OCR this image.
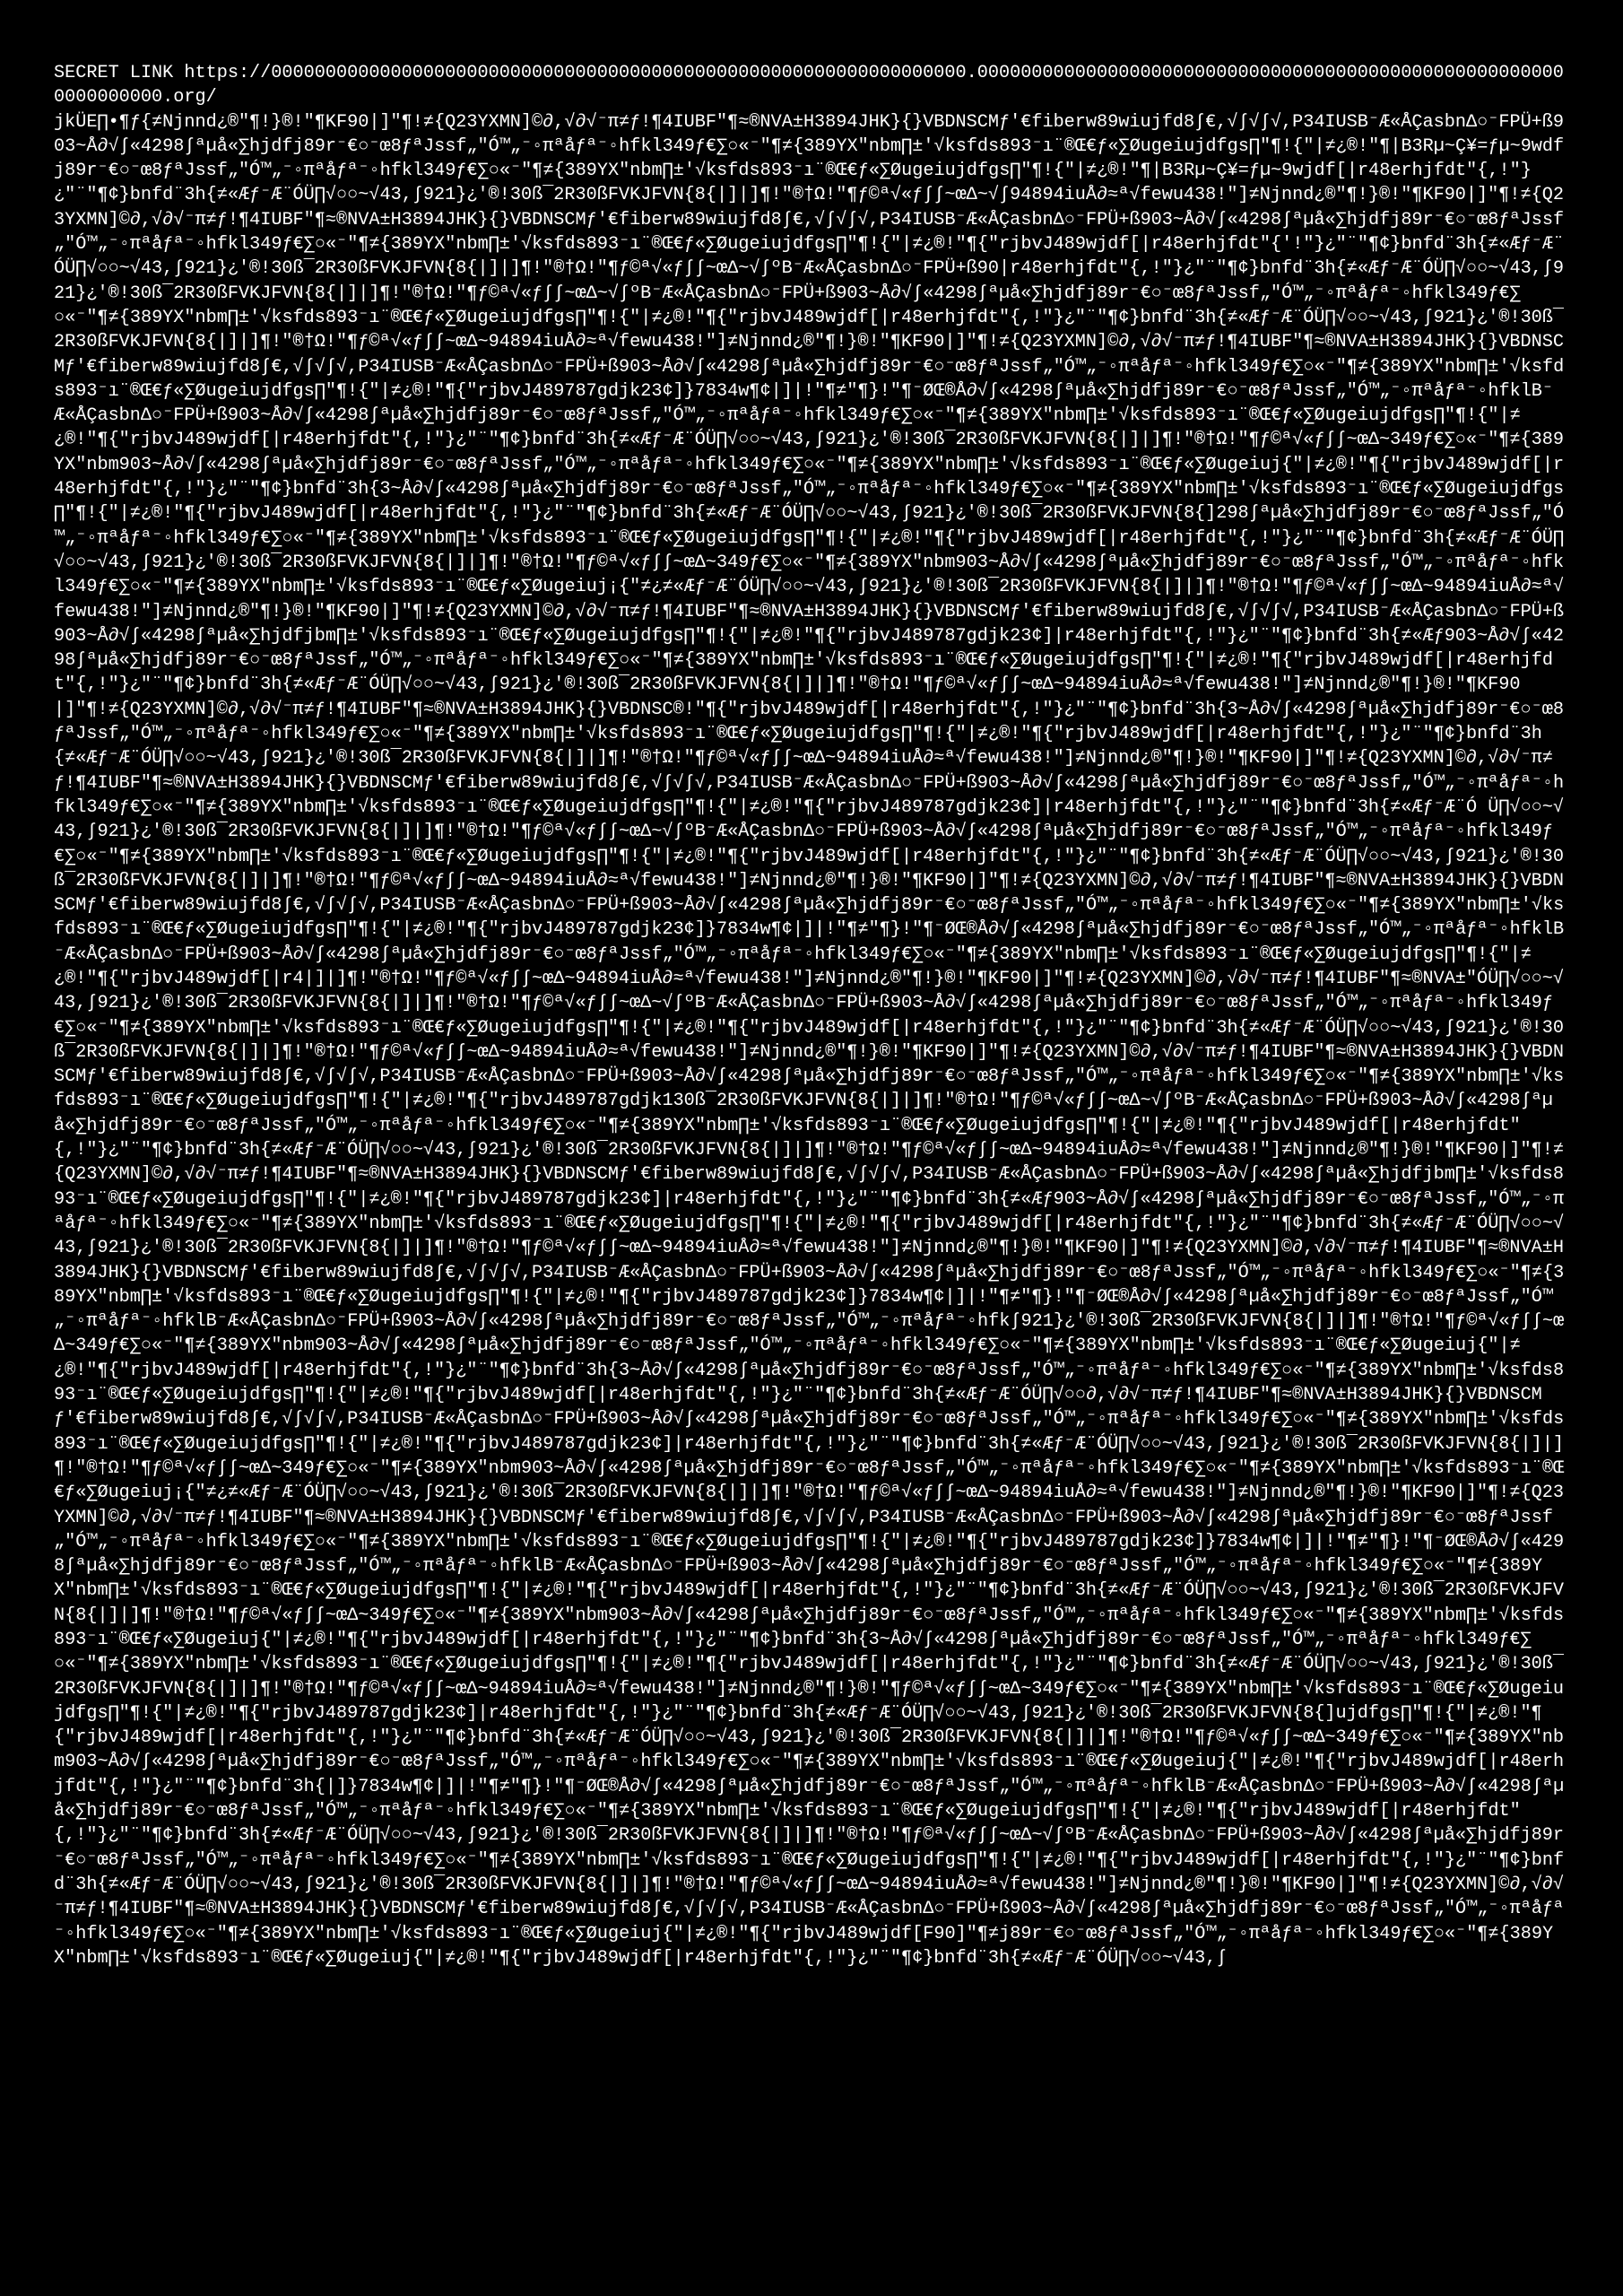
SECRET LINK https://0000000000000000000000000000000000000000000000000000000000000000.0000000000000000000000000000000000000000000000000000000000000000.org/
jkÜE∏•¶ƒ{≠Njnnd¿®"¶!}®!"¶KF90|]"¶!≠{Q23YXMN]©∂,√∂√⁻π≠ƒ!¶4IUBF"¶≈®NVA±H3894JHK}{}VBDNSCMƒ'€fiberw89wiujfd8∫€,√∫√∫√,P34IUSB⁻Æ«ÅÇasbnΔ○⁻FPÜ+ß903~Å∂√∫«4298∫ªµå«∑hjdfj89r⁻€○⁻œ8ƒªJssf„"Ó™„⁻◦πªåƒª⁻◦hfkl349ƒ€∑○«⁻"¶≠{389YX"nbm∏±'√ksfds893⁻ı¨®Œ€ƒ«∑Øugeiujdfgs∏"¶!{"|≠¿®!"¶|B3Rµ~Ç¥=ƒµ~9wdfj89r⁻€○⁻œ8ƒªJssf„"Ó™„⁻◦πªåƒª⁻◦hfkl349ƒ€∑○«⁻"¶≠{389YX"nbm∏±'√ksfds893⁻ı¨®Œ€ƒ«∑Øugeiujdfgs∏"¶!{"|≠¿®!"¶|B3Rµ~Ç¥=ƒµ~9wjdf[|r48erhjfdt"{,!"}¿"¨"¶¢}bnfd¨3h{≠«Æƒ⁻Æ¨ÓÜ∏√○○~√43,∫921}¿'®!30ß¯2R30ßFVKJFVN{8{|]|]¶!"®†Ω!"¶ƒ©ª√«ƒ∫∫~œΔ~√∫94894iuÅ∂≈ª√fewu438!"]≠Njnnd¿®"¶!}®!"¶KF90|]"¶!≠{Q23YXMN]©∂,√∂√⁻π≠ƒ!¶4IUBF"¶≈®NVA±H3894JHK}{}VBDNSCMƒ'€fiberw89wiujfd8∫€,√∫√∫√,P34IUSB⁻Æ«ÅÇasbnΔ○⁻FPÜ+ß903~Å∂√∫«4298∫ªµå«∑hjdfj89r⁻€○⁻œ8ƒªJssf„"Ó™„⁻◦πªåƒª⁻◦hfkl349ƒ€∑○«⁻"¶≠{389YX"nbm∏±'√ksfds893⁻ı¨®Œ€ƒ«∑Øugeiujdfgs∏"¶!{"|≠¿®!"¶{"rjbvJ489wjdf[|r48erhjfdt"{'!"}¿"¨"¶¢}bnfd¨3h{≠«Æƒ⁻Æ¨ÓÜ∏√○○~√43,∫921}¿'®!30ß¯2R30ßFVKJFVN{8{|]|]¶!"®†Ω!"¶ƒ©ª√«ƒ∫∫~œΔ~√∫ºB⁻Æ«ÅÇasbnΔ○⁻FPÜ+ß90|r48erhjfdt"{,!"}¿"¨"¶¢}bnfd¨3h{≠«Æƒ⁻Æ¨ÓÜ∏√○○~√43,∫921}¿'®!30ß¯2R30ßFVKJFVN{8{|]|]¶!"®†Ω!"¶ƒ©ª√«ƒ∫∫~œΔ~√∫ºB⁻Æ«ÅÇasbnΔ○⁻FPÜ+ß903~Å∂√∫«4298∫ªµå«∑hjdfj89r⁻€○⁻œ8ƒªJssf„"Ó™„⁻◦πªåƒª⁻◦hfkl349ƒ€∑○«⁻"¶≠{389YX"nbm∏±'√ksfds893⁻ı¨®Œ€ƒ«∑Øugeiujdfgs∏"¶!{"|≠¿®!"¶{"rjbvJ489wjdf[|r48erhjfdt"{,!"}¿"¨"¶¢}bnfd¨3h{≠«Æƒ⁻Æ¨ÓÜ∏√○○~√43,∫921}¿'®!30ß¯2R30ßFVKJFVN{8{|]|]¶!"®†Ω!"¶ƒ©ª√«ƒ∫∫~œΔ~94894iuÅ∂≈ª√fewu438!"]≠Njnnd¿®"¶!}®!"¶KF90|]"¶!≠{Q23YXMN]©∂,√∂√⁻π≠ƒ!¶4IUBF"¶≈®NVA±H3894JHK}{}VBDNSCMƒ'€fiberw89wiujfd8∫€,√∫√∫√,P34IUSB⁻Æ«ÅÇasbnΔ○⁻FPÜ+ß903~Å∂√∫«4298∫ªµå«∑hjdfj89r⁻€○⁻œ8ƒªJssf„"Ó™„⁻◦πªåƒª⁻◦hfkl349ƒ€∑○«⁻"¶≠{389YX"nbm∏±'√ksfds893⁻ı¨®Œ€ƒ«∑Øugeiujdfgs∏"¶!{"|≠¿®!"¶{"rjbvJ489787gdjk23¢]}7834w¶¢|]|!"¶≠"¶}!"¶⁻ØŒ®Å∂√∫«4298∫ªµå«∑hjdfj89r⁻€○⁻œ8ƒªJssf„"Ó™„⁻◦πªåƒª⁻◦hfklB⁻Æ«ÅÇasbnΔ○⁻FPÜ+ß903~Å∂√∫«4298∫ªµå«∑hjdfj89r⁻€○⁻œ8ƒªJssf„"Ó™„⁻◦πªåƒª⁻◦hfkl349ƒ€∑○«⁻"¶≠{389YX"nbm∏±'√ksfds893⁻ı¨®Œ€ƒ«∑Øugeiujdfgs∏"¶!{"|≠¿®!"¶{"rjbvJ489wjdf[|r48erhjfdt"{,!"}¿"¨"¶¢}bnfd¨3h{≠«Æƒ⁻Æ¨ÓÜ∏√○○~√43,∫921}¿'®!30ß¯2R30ßFVKJFVN{8{|]|]¶!"®†Ω!"¶ƒ©ª√«ƒ∫∫~œΔ~349ƒ€∑○«⁻"¶≠{389YX"nbm903~Å∂√∫«4298∫ªµå«∑hjdfj89r⁻€○⁻œ8ƒªJssf„"Ó™„⁻◦πªåƒª⁻◦hfkl349ƒ€∑○«⁻"¶≠{389YX"nbm∏±'√ksfds893⁻ı¨®Œ€ƒ«∑Øugeiuj{"|≠¿®!"¶{"rjbvJ489wjdf[|r48erhjfdt"{,!"}¿"¨"¶¢}bnfd¨3h{3~Å∂√∫«4298∫ªµå«∑hjdfj89r⁻€○⁻œ8ƒªJssf„"Ó™„⁻◦πªåƒª⁻◦hfkl349ƒ€∑○«⁻"¶≠{389YX"nbm∏±'√ksfds893⁻ı¨®Œ€ƒ«∑Øugeiujdfgs∏"¶!{"|≠¿®!"¶{"rjbvJ489wjdf[|r48erhjfdt"{,!"}¿"¨"¶¢}bnfd¨3h{≠«Æƒ⁻Æ¨ÓÜ∏√○○~√43,∫921}¿'®!30ß¯2R30ßFVKJFVN{8{]298∫ªµå«∑hjdfj89r⁻€○⁻œ8ƒªJssf„"Ó™„⁻◦πªåƒª⁻◦hfkl349ƒ€∑○«⁻"¶≠{389YX"nbm∏±'√ksfds893⁻ı¨®Œ€ƒ«∑Øugeiujdfgs∏"¶!{"|≠¿®!"¶{"rjbvJ489wjdf[|r48erhjfdt"{,!"}¿"¨"¶¢}bnfd¨3h{≠«Æƒ⁻Æ¨ÓÜ∏√○○~√43,∫921}¿'®!30ß¯2R30ßFVKJFVN{8{|]|]¶!"®†Ω!"¶ƒ©ª√«ƒ∫∫~œΔ~349ƒ€∑○«⁻"¶≠{389YX"nbm903~Å∂√∫«4298∫ªµå«∑hjdfj89r⁻€○⁻œ8ƒªJssf„"Ó™„⁻◦πªåƒª⁻◦hfkl349ƒ€∑○«⁻"¶≠{389YX"nbm∏±'√ksfds893⁻ı¨®Œ€ƒ«∑Øugeiuj¡{"≠¿≠«Æƒ⁻Æ¨ÓÜ∏√○○~√43,∫921}¿'®!30ß¯2R30ßFVKJFVN{8{|]|]¶!"®†Ω!"¶ƒ©ª√«ƒ∫∫~œΔ~94894iuÅ∂≈ª√fewu438!"]≠Njnnd¿®"¶!}®!"¶KF90|]"¶!≠{Q23YXMN]©∂,√∂√⁻π≠ƒ!¶4IUBF"¶≈®NVA±H3894JHK}{}VBDNSCMƒ'€fiberw89wiujfd8∫€,√∫√∫√,P34IUSB⁻Æ«ÅÇasbnΔ○⁻FPÜ+ß903~Å∂√∫«4298∫ªµå«∑hjdfjbm∏±'√ksfds893⁻ı¨®Œ€ƒ«∑Øugeiujdfgs∏"¶!{"|≠¿®!"¶{"rjbvJ489787gdjk23¢]|r48erhjfdt"{,!"}¿"¨"¶¢}bnfd¨3h{≠«Æƒ903~Å∂√∫«4298∫ªµå«∑hjdfj89r⁻€○⁻œ8ƒªJssf„"Ó™„⁻◦πªåƒª⁻◦hfkl349ƒ€∑○«⁻"¶≠{389YX"nbm∏±'√ksfds893⁻ı¨®Œ€ƒ«∑Øugeiujdfgs∏"¶!{"|≠¿®!"¶{"rjbvJ489wjdf[|r48erhjfdt"{,!"}¿"¨"¶¢}bnfd¨3h{≠«Æƒ⁻Æ¨ÓÜ∏√○○~√43,∫921}¿'®!30ß¯2R30ßFVKJFVN{8{|]|]¶!"®†Ω!"¶ƒ©ª√«ƒ∫∫~œΔ~94894iuÅ∂≈ª√fewu438!"]≠Njnnd¿®"¶!}®!"¶KF90|]"¶!≠{Q23YXMN]©∂,√∂√⁻π≠ƒ!¶4IUBF"¶≈®NVA±H3894JHK}{}VBDNSC®!"¶{"rjbvJ489wjdf[|r48erhjfdt"{,!"}¿"¨"¶¢}bnfd¨3h{3~Å∂√∫«4298∫ªµå«∑hjdfj89r⁻€○⁻œ8ƒªJssf„"Ó™„⁻◦πªåƒª⁻◦hfkl349ƒ€∑○«⁻"¶≠{389YX"nbm∏±'√ksfds893⁻ı¨®Œ€ƒ«∑Øugeiujdfgs∏"¶!{"|≠¿®!"¶{"rjbvJ489wjdf[|r48erhjfdt"{,!"}¿"¨"¶¢}bnfd¨3h{≠«Æƒ⁻Æ¨ÓÜ∏√○○~√43,∫921}¿'®!30ß¯2R30ßFVKJFVN{8{|]|]¶!"®†Ω!"¶ƒ©ª√«ƒ∫∫~œΔ~94894iuÅ∂≈ª√fewu438!"]≠Njnnd¿®"¶!}®!"¶KF90|]"¶!≠{Q23YXMN]©∂,√∂√⁻π≠ƒ!¶4IUBF"¶≈®NVA±H3894JHK}{}VBDNSCMƒ'€fiberw89wiujfd8∫€,√∫√∫√,P34IUSB⁻Æ«ÅÇasbnΔ○⁻FPÜ+ß903~Å∂√∫«4298∫ªµå«∑hjdfj89r⁻€○⁻œ8ƒªJssf„"Ó™„⁻◦πªåƒª⁻◦hfkl349ƒ€∑○«⁻"¶≠{389YX"nbm∏±'√ksfds893⁻ı¨®Œ€ƒ«∑Øugeiujdfgs∏"¶!{"|≠¿®!"¶{"rjbvJ489787gdjk23¢]|r48erhjfdt"{,!"}¿"¨"¶¢}bnfd¨3h{≠«Æƒ⁻Æ¨Ó Ü∏√○○~√43,∫921}¿'®!30ß¯2R30ßFVKJFVN{8{|]|]¶!"®†Ω!"¶ƒ©ª√«ƒ∫∫~œΔ~√∫ºB⁻Æ«ÅÇasbnΔ○⁻FPÜ+ß903~Å∂√∫«4298∫ªµå«∑hjdfj89r⁻€○⁻œ8ƒªJssf„"Ó™„⁻◦πªåƒª⁻◦hfkl349ƒ€∑○«⁻"¶≠{389YX"nbm∏±'√ksfds893⁻ı¨®Œ€ƒ«∑Øugeiujdfgs∏"¶!{"|≠¿®!"¶{"rjbvJ489wjdf[|r48erhjfdt"{,!"}¿"¨"¶¢}bnfd¨3h{≠«Æƒ⁻Æ¨ÓÜ∏√○○~√43,∫921}¿'®!30ß¯2R30ßFVKJFVN{8{|]|]¶!"®†Ω!"¶ƒ©ª√«ƒ∫∫~œΔ~94894iuÅ∂≈ª√fewu438!"]≠Njnnd¿®"¶!}®!"¶KF90|]"¶!≠{Q23YXMN]©∂,√∂√⁻π≠ƒ!¶4IUBF"¶≈®NVA±H3894JHK}{}VBDNSCMƒ'€fiberw89wiujfd8∫€,√∫√∫√,P34IUSB⁻Æ«ÅÇasbnΔ○⁻FPÜ+ß903~Å∂√∫«4298∫ªµå«∑hjdfj89r⁻€○⁻œ8ƒªJssf„"Ó™„⁻◦πªåƒª⁻◦hfkl349ƒ€∑○«⁻"¶≠{389YX"nbm∏±'√ksfds893⁻ı¨®Œ€ƒ«∑Øugeiujdfgs∏"¶!{"|≠¿®!"¶{"rjbvJ489787gdjk23¢]}7834w¶¢|]|!"¶≠"¶}!"¶⁻ØŒ®Å∂√∫«4298∫ªµå«∑hjdfj89r⁻€○⁻œ8ƒªJssf„"Ó™„⁻◦πªåƒª⁻◦hfklB⁻Æ«ÅÇasbnΔ○⁻FPÜ+ß903~Å∂√∫«4298∫ªµå«∑hjdfj89r⁻€○⁻œ8ƒªJssf„"Ó™„⁻◦πªåƒª⁻◦hfkl349ƒ€∑○«⁻"¶≠{389YX"nbm∏±'√ksfds893⁻ı¨®Œ€ƒ«∑Øugeiujdfgs∏"¶!{"|≠¿®!"¶{"rjbvJ489wjdf[|r4|]|]¶!"®†Ω!"¶ƒ©ª√«ƒ∫∫~œΔ~94894iuÅ∂≈ª√fewu438!"]≠Njnnd¿®"¶!}®!"¶KF90|]"¶!≠{Q23YXMN]©∂,√∂√⁻π≠ƒ!¶4IUBF"¶≈®NVA±"ÓÜ∏√○○~√43,∫921}¿'®!30ß¯2R30ßFVKJFVN{8{|]|]¶!"®†Ω!"¶ƒ©ª√«ƒ∫∫~œΔ~√∫ºB⁻Æ«ÅÇasbnΔ○⁻FPÜ+ß903~Å∂√∫«4298∫ªµå«∑hjdfj89r⁻€○⁻œ8ƒªJssf„"Ó™„⁻◦πªåƒª⁻◦hfkl349ƒ€∑○«⁻"¶≠{389YX"nbm∏±'√ksfds893⁻ı¨®Œ€ƒ«∑Øugeiujdfgs∏"¶!{"|≠¿®!"¶{"rjbvJ489wjdf[|r48erhjfdt"{,!"}¿"¨"¶¢}bnfd¨3h{≠«Æƒ⁻Æ¨ÓÜ∏√○○~√43,∫921}¿'®!30ß¯2R30ßFVKJFVN{8{|]|]¶!"®†Ω!"¶ƒ©ª√«ƒ∫∫~œΔ~94894iuÅ∂≈ª√fewu438!"]≠Njnnd¿®"¶!}®!"¶KF90|]"¶!≠{Q23YXMN]©∂,√∂√⁻π≠ƒ!¶4IUBF"¶≈®NVA±H3894JHK}{}VBDNSCMƒ'€fiberw89wiujfd8∫€,√∫√∫√,P34IUSB⁻Æ«ÅÇasbnΔ○⁻FPÜ+ß903~Å∂√∫«4298∫ªµå«∑hjdfj89r⁻€○⁻œ8ƒªJssf„"Ó™„⁻◦πªåƒª⁻◦hfkl349ƒ€∑○«⁻"¶≠{389YX"nbm∏±'√ksfds893⁻ı¨®Œ€ƒ«∑Øugeiujdfgs∏"¶!{"|≠¿®!"¶{"rjbvJ489787gdjk130ß¯2R30ßFVKJFVN{8{|]|]¶!"®†Ω!"¶ƒ©ª√«ƒ∫∫~œΔ~√∫ºB⁻Æ«ÅÇasbnΔ○⁻FPÜ+ß903~Å∂√∫«4298∫ªµå«∑hjdfj89r⁻€○⁻œ8ƒªJssf„"Ó™„⁻◦πªåƒª⁻◦hfkl349ƒ€∑○«⁻"¶≠{389YX"nbm∏±'√ksfds893⁻ı¨®Œ€ƒ«∑Øugeiujdfgs∏"¶!{"|≠¿®!"¶{"rjbvJ489wjdf[|r48erhjfdt"{,!"}¿"¨"¶¢}bnfd¨3h{≠«Æƒ⁻Æ¨ÓÜ∏√○○~√43,∫921}¿'®!30ß¯2R30ßFVKJFVN{8{|]|]¶!"®†Ω!"¶ƒ©ª√«ƒ∫∫~œΔ~94894iuÅ∂≈ª√fewu438!"]≠Njnnd¿®"¶!}®!"¶KF90|]"¶!≠{Q23YXMN]©∂,√∂√⁻π≠ƒ!¶4IUBF"¶≈®NVA±H3894JHK}{}VBDNSCMƒ'€fiberw89wiujfd8∫€,√∫√∫√,P34IUSB⁻Æ«ÅÇasbnΔ○⁻FPÜ+ß903~Å∂√∫«4298∫ªµå«∑hjdfjbm∏±'√ksfds893⁻ı¨®Œ€ƒ«∑Øugeiujdfgs∏"¶!{"|≠¿®!"¶{"rjbvJ489787gdjk23¢]|r48erhjfdt"{,!"}¿"¨"¶¢}bnfd¨3h{≠«Æƒ903~Å∂√∫«4298∫ªµå«∑hjdfj89r⁻€○⁻œ8ƒªJssf„"Ó™„⁻◦πªåƒª⁻◦hfkl349ƒ€∑○«⁻"¶≠{389YX"nbm∏±'√ksfds893⁻ı¨®Œ€ƒ«∑Øugeiujdfgs∏"¶!{"|≠¿®!"¶{"rjbvJ489wjdf[|r48erhjfdt"{,!"}¿"¨"¶¢}bnfd¨3h{≠«Æƒ⁻Æ¨ÓÜ∏√○○~√43,∫921}¿'®!30ß¯2R30ßFVKJFVN{8{|]|]¶!"®†Ω!"¶ƒ©ª√«ƒ∫∫~œΔ~94894iuÅ∂≈ª√fewu438!"]≠Njnnd¿®"¶!}®!"¶KF90|]"¶!≠{Q23YXMN]©∂,√∂√⁻π≠ƒ!¶4IUBF"¶≈®NVA±H3894JHK}{}VBDNSCMƒ'€fiberw89wiujfd8∫€,√∫√∫√,P34IUSB⁻Æ«ÅÇasbnΔ○⁻FPÜ+ß903~Å∂√∫«4298∫ªµå«∑hjdfj89r⁻€○⁻œ8ƒªJssf„"Ó™„⁻◦πªåƒª⁻◦hfkl349ƒ€∑○«⁻"¶≠{389YX"nbm∏±'√ksfds893⁻ı¨®Œ€ƒ«∑Øugeiujdfgs∏"¶!{"|≠¿®!"¶{"rjbvJ489787gdjk23¢]}7834w¶¢|]|!"¶≠"¶}!"¶⁻ØŒ®Å∂√∫«4298∫ªµå«∑hjdfj89r⁻€○⁻œ8ƒªJssf„"Ó™„⁻◦πªåƒª⁻◦hfklB⁻Æ«ÅÇasbnΔ○⁻FPÜ+ß903~Å∂√∫«4298∫ªµå«∑hjdfj89r⁻€○⁻œ8ƒªJssf„"Ó™„⁻◦πªåƒª⁻◦hfk∫921}¿'®!30ß¯2R30ßFVKJFVN{8{|]|]¶!"®†Ω!"¶ƒ©ª√«ƒ∫∫~œΔ~349ƒ€∑○«⁻"¶≠{389YX"nbm903~Å∂√∫«4298∫ªµå«∑hjdfj89r⁻€○⁻œ8ƒªJssf„"Ó™„⁻◦πªåƒª⁻◦hfkl349ƒ€∑○«⁻"¶≠{389YX"nbm∏±'√ksfds893⁻ı¨®Œ€ƒ«∑Øugeiuj{"|≠¿®!"¶{"rjbvJ489wjdf[|r48erhjfdt"{,!"}¿"¨"¶¢}bnfd¨3h{3~Å∂√∫«4298∫ªµå«∑hjdfj89r⁻€○⁻œ8ƒªJssf„"Ó™„⁻◦πªåƒª⁻◦hfkl349ƒ€∑○«⁻"¶≠{389YX"nbm∏±'√ksfds893⁻ı¨®Œ€ƒ«∑Øugeiujdfgs∏"¶!{"|≠¿®!"¶{"rjbvJ489wjdf[|r48erhjfdt"{,!"}¿"¨"¶¢}bnfd¨3h{≠«Æƒ⁻Æ¨ÓÜ∏√○○∂,√∂√⁻π≠ƒ!¶4IUBF"¶≈®NVA±H3894JHK}{}VBDNSCMƒ'€fiberw89wiujfd8∫€,√∫√∫√,P34IUSB⁻Æ«ÅÇasbnΔ○⁻FPÜ+ß903~Å∂√∫«4298∫ªµå«∑hjdfj89r⁻€○⁻œ8ƒªJssf„"Ó™„⁻◦πªåƒª⁻◦hfkl349ƒ€∑○«⁻"¶≠{389YX"nbm∏±'√ksfds893⁻ı¨®Œ€ƒ«∑Øugeiujdfgs∏"¶!{"|≠¿®!"¶{"rjbvJ489787gdjk23¢]|r48erhjfdt"{,!"}¿"¨"¶¢}bnfd¨3h{≠«Æƒ⁻Æ¨ÓÜ∏√○○~√43,∫921}¿'®!30ß¯2R30ßFVKJFVN{8{|]|]¶!"®†Ω!"¶ƒ©ª√«ƒ∫∫~œΔ~349ƒ€∑○«⁻"¶≠{389YX"nbm903~Å∂√∫«4298∫ªµå«∑hjdfj89r⁻€○⁻œ8ƒªJssf„"Ó™„⁻◦πªåƒª⁻◦hfkl349ƒ€∑○«⁻"¶≠{389YX"nbm∏±'√ksfds893⁻ı¨®Œ€ƒ«∑Øugeiuj¡{"≠¿≠«Æƒ⁻Æ¨ÓÜ∏√○○~√43,∫921}¿'®!30ß¯2R30ßFVKJFVN{8{|]|]¶!"®†Ω!"¶ƒ©ª√«ƒ∫∫~œΔ~94894iuÅ∂≈ª√fewu438!"]≠Njnnd¿®"¶!}®!"¶KF90|]"¶!≠{Q23YXMN]©∂,√∂√⁻π≠ƒ!¶4IUBF"¶≈®NVA±H3894JHK}{}VBDNSCMƒ'€fiberw89wiujfd8∫€,√∫√∫√,P34IUSB⁻Æ«ÅÇasbnΔ○⁻FPÜ+ß903~Å∂√∫«4298∫ªµå«∑hjdfj89r⁻€○⁻œ8ƒªJssf„"Ó™„⁻◦πªåƒª⁻◦hfkl349ƒ€∑○«⁻"¶≠{389YX"nbm∏±'√ksfds893⁻ı¨®Œ€ƒ«∑Øugeiujdfgs∏"¶!{"|≠¿®!"¶{"rjbvJ489787gdjk23¢]}7834w¶¢|]|!"¶≠"¶}!"¶⁻ØŒ®Å∂√∫«4298∫ªµå«∑hjdfj89r⁻€○⁻œ8ƒªJssf„"Ó™„⁻◦πªåƒª⁻◦hfklB⁻Æ«ÅÇasbnΔ○⁻FPÜ+ß903~Å∂√∫«4298∫ªµå«∑hjdfj89r⁻€○⁻œ8ƒªJssf„"Ó™„⁻◦πªåƒª⁻◦hfkl349ƒ€∑○«⁻"¶≠{389YX"nbm∏±'√ksfds893⁻ı¨®Œ€ƒ«∑Øugeiujdfgs∏"¶!{"|≠¿®!"¶{"rjbvJ489wjdf[|r48erhjfdt"{,!"}¿"¨"¶¢}bnfd¨3h{≠«Æƒ⁻Æ¨ÓÜ∏√○○~√43,∫921}¿'®!30ß¯2R30ßFVKJFVN{8{|]|]¶!"®†Ω!"¶ƒ©ª√«ƒ∫∫~œΔ~349ƒ€∑○«⁻"¶≠{389YX"nbm903~Å∂√∫«4298∫ªµå«∑hjdfj89r⁻€○⁻œ8ƒªJssf„"Ó™„⁻◦πªåƒª⁻◦hfkl349ƒ€∑○«⁻"¶≠{389YX"nbm∏±'√ksfds893⁻ı¨®Œ€ƒ«∑Øugeiuj{"|≠¿®!"¶{"rjbvJ489wjdf[|r48erhjfdt"{,!"}¿"¨"¶¢}bnfd¨3h{3~Å∂√∫«4298∫ªµå«∑hjdfj89r⁻€○⁻œ8ƒªJssf„"Ó™„⁻◦πªåƒª⁻◦hfkl349ƒ€∑○«⁻"¶≠{389YX"nbm∏±'√ksfds893⁻ı¨®Œ€ƒ«∑Øugeiujdfgs∏"¶!{"|≠¿®!"¶{"rjbvJ489wjdf[|r48erhjfdt"{,!"}¿"¨"¶¢}bnfd¨3h{≠«Æƒ⁻Æ¨ÓÜ∏√○○~√43,∫921}¿'®!30ß¯2R30ßFVKJFVN{8{|]|]¶!"®†Ω!"¶ƒ©ª√«ƒ∫∫~œΔ~94894iuÅ∂≈ª√fewu438!"]≠Njnnd¿®"¶!}®!"¶ƒ©ª√«ƒ∫∫~œΔ~349ƒ€∑○«⁻"¶≠{389YX"nbm∏±'√ksfds893⁻ı¨®Œ€ƒ«∑Øugeiujdfgs∏"¶!{"|≠¿®!"¶{"rjbvJ489787gdjk23¢]|r48erhjfdt"{,!"}¿"¨"¶¢}bnfd¨3h{≠«Æƒ⁻Æ¨ÓÜ∏√○○~√43,∫921}¿'®!30ß¯2R30ßFVKJFVN{8{]ujdfgs∏"¶!{"|≠¿®!"¶{"rjbvJ489wjdf[|r48erhjfdt"{,!"}¿"¨"¶¢}bnfd¨3h{≠«Æƒ⁻Æ¨ÓÜ∏√○○~√43,∫921}¿'®!30ß¯2R30ßFVKJFVN{8{|]|]¶!"®†Ω!"¶ƒ©ª√«ƒ∫∫~œΔ~349ƒ€∑○«⁻"¶≠{389YX"nbm903~Å∂√∫«4298∫ªµå«∑hjdfj89r⁻€○⁻œ8ƒªJssf„"Ó™„⁻◦πªåƒª⁻◦hfkl349ƒ€∑○«⁻"¶≠{389YX"nbm∏±'√ksfds893⁻ı¨®Œ€ƒ«∑Øugeiuj{"|≠¿®!"¶{"rjbvJ489wjdf[|r48erhjfdt"{,!"}¿"¨"¶¢}bnfd¨3h{|]}7834w¶¢|]|!"¶≠"¶}!"¶⁻ØŒ®Å∂√∫«4298∫ªµå«∑hjdfj89r⁻€○⁻œ8ƒªJssf„"Ó™„⁻◦πªåƒª⁻◦hfklB⁻Æ«ÅÇasbnΔ○⁻FPÜ+ß903~Å∂√∫«4298∫ªµå«∑hjdfj89r⁻€○⁻œ8ƒªJssf„"Ó™„⁻◦πªåƒª⁻◦hfkl349ƒ€∑○«⁻"¶≠{389YX"nbm∏±'√ksfds893⁻ı¨®Œ€ƒ«∑Øugeiujdfgs∏"¶!{"|≠¿®!"¶{"rjbvJ489wjdf[|r48erhjfdt"{,!"}¿"¨"¶¢}bnfd¨3h{≠«Æƒ⁻Æ¨ÓÜ∏√○○~√43,∫921}¿'®!30ß¯2R30ßFVKJFVN{8{|]|]¶!"®†Ω!"¶ƒ©ª√«ƒ∫∫~œΔ~√∫ºB⁻Æ«ÅÇasbnΔ○⁻FPÜ+ß903~Å∂√∫«4298∫ªµå«∑hjdfj89r⁻€○⁻œ8ƒªJssf„"Ó™„⁻◦πªåƒª⁻◦hfkl349ƒ€∑○«⁻"¶≠{389YX"nbm∏±'√ksfds893⁻ı¨®Œ€ƒ«∑Øugeiujdfgs∏"¶!{"|≠¿®!"¶{"rjbvJ489wjdf[|r48erhjfdt"{,!"}¿"¨"¶¢}bnfd¨3h{≠«Æƒ⁻Æ¨ÓÜ∏√○○~√43,∫921}¿'®!30ß¯2R30ßFVKJFVN{8{|]|]¶!"®†Ω!"¶ƒ©ª√«ƒ∫∫~œΔ~94894iuÅ∂≈ª√fewu438!"]≠Njnnd¿®"¶!}®!"¶KF90|]"¶!≠{Q23YXMN]©∂,√∂√⁻π≠ƒ!¶4IUBF"¶≈®NVA±H3894JHK}{}VBDNSCMƒ'€fiberw89wiujfd8∫€,√∫√∫√,P34IUSB⁻Æ«ÅÇasbnΔ○⁻FPÜ+ß903~Å∂√∫«4298∫ªµå«∑hjdfj89r⁻€○⁻œ8ƒªJssf„"Ó™„⁻◦πªåƒª⁻◦hfkl349ƒ€∑○«⁻"¶≠{389YX"nbm∏±'√ksfds893⁻ı¨®Œ€ƒ«∑Øugeiuj{"|≠¿®!"¶{"rjbvJ489wjdf[F90]"¶≠j89r⁻€○⁻œ8ƒªJssf„"Ó™„⁻◦πªåƒª⁻◦hfkl349ƒ€∑○«⁻"¶≠{389YX"nbm∏±'√ksfds893⁻ı¨®Œ€ƒ«∑Øugeiuj{"|≠¿®!"¶{"rjbvJ489wjdf[|r48erhjfdt"{,!"}¿"¨"¶¢}bnfd¨3h{≠«Æƒ⁻Æ¨ÓÜ∏√○○~√43,∫
